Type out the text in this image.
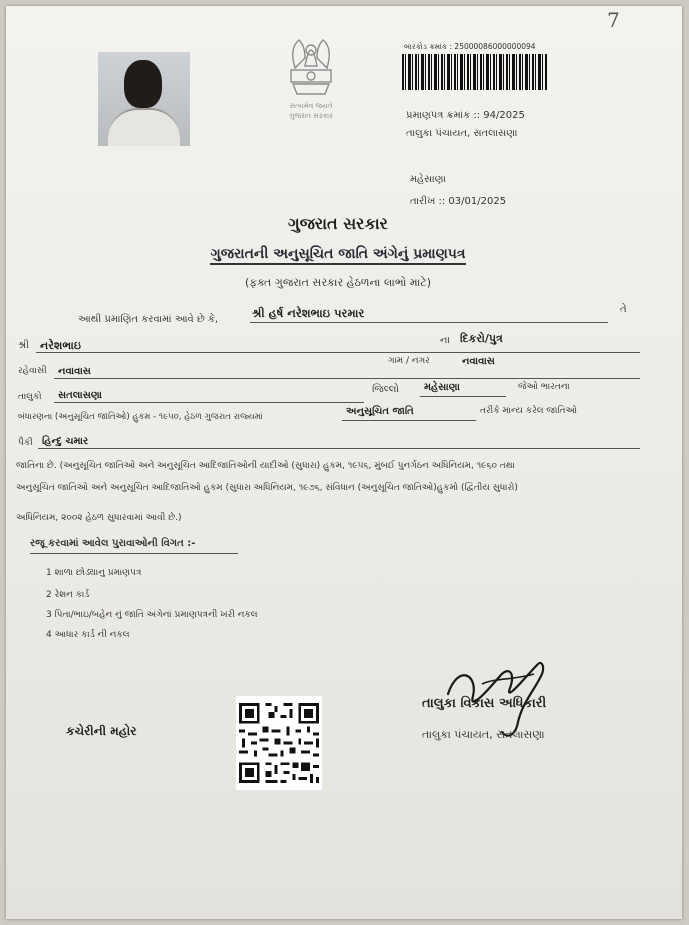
7
સત્યમેવ જયતે
ગુજરાત સરકાર
બારકોડ ક્રમાંક : 25000086000000094
પ્રમાણપત્ર ક્રમાંક :: 94/2025
તાલુકા પંચાયત, સતલાસણા
મહેસાણા
તારીખ :: 03/01/2025
ગુજરાત સરકાર
ગુજરાતની અનુસૂચિત જાતિ અંગેનું પ્રમાણપત્ર
(ફક્ત ગુજરાત સરકાર હેઠળના લાભો માટે)
આથી પ્રમાણિત કરવામાં આવે છે કે,	શ્રી હર્ષ નરેશભાઇ પરમાર	તે
શ્રી નરેશભાઇ	ના દિકરો/પુત્ર
ગામ / નગર	નવાવાસ
રહેવાસી નવાવાસ
તાલુકો સતલાસણા
જિલ્લો	મહેસાણા	જેઓ ભારતના
બંધારણના (અનુસૂચિત જાતિઓ) હુકમ - ૧૯૫૦, હેઠળ ગુજરાત રાજ્યમાં	અનુસૂચિત જાતિ	તરીકે માન્ય કરેલ જાતિઓ
પૈકી હિન્દુ ચમાર
જાતિના છે. (અનુસૂચિત જાતિઓ અને અનુસૂચિત આદિજાતિઓની યાદીઓ (સુધારા) હુકમ, ૧૯૫૬, મુંબઈ પુનર્ગઠન અધિનિયમ, ૧૯૬૦ તથા
અનુસૂચિત જાતિઓ અને અનુસૂચિત આદિજાતિઓ હુકમ (સુધારા અધિનિયમ, ૧૯૭૬, સંવિધાન (અનુસૂચિત જાતિઓ)હુકમો (દ્વિતીય સુધારો)
અધિનિયમ, ૨૦૦૨ હેઠળ સુધારવામાં આવી છે.)
રજૂ કરવામાં આવેલ પુરાવાઓની વિગત :-
1 શાળા છોડ્યાનુ પ્રમાણપત્ર
2 રેશન કાર્ડ
3 પિતા/ભાઇ/બહેન નું જાતિ અંગેનાં પ્રમાણપત્રની ખરી નકલ
4 આધાર કાર્ડ ની નકલ
કચેરીની મહોર
તાલુકા વિકાસ અધિકારી
તાલુકા પંચાયત, સતલાસણા
